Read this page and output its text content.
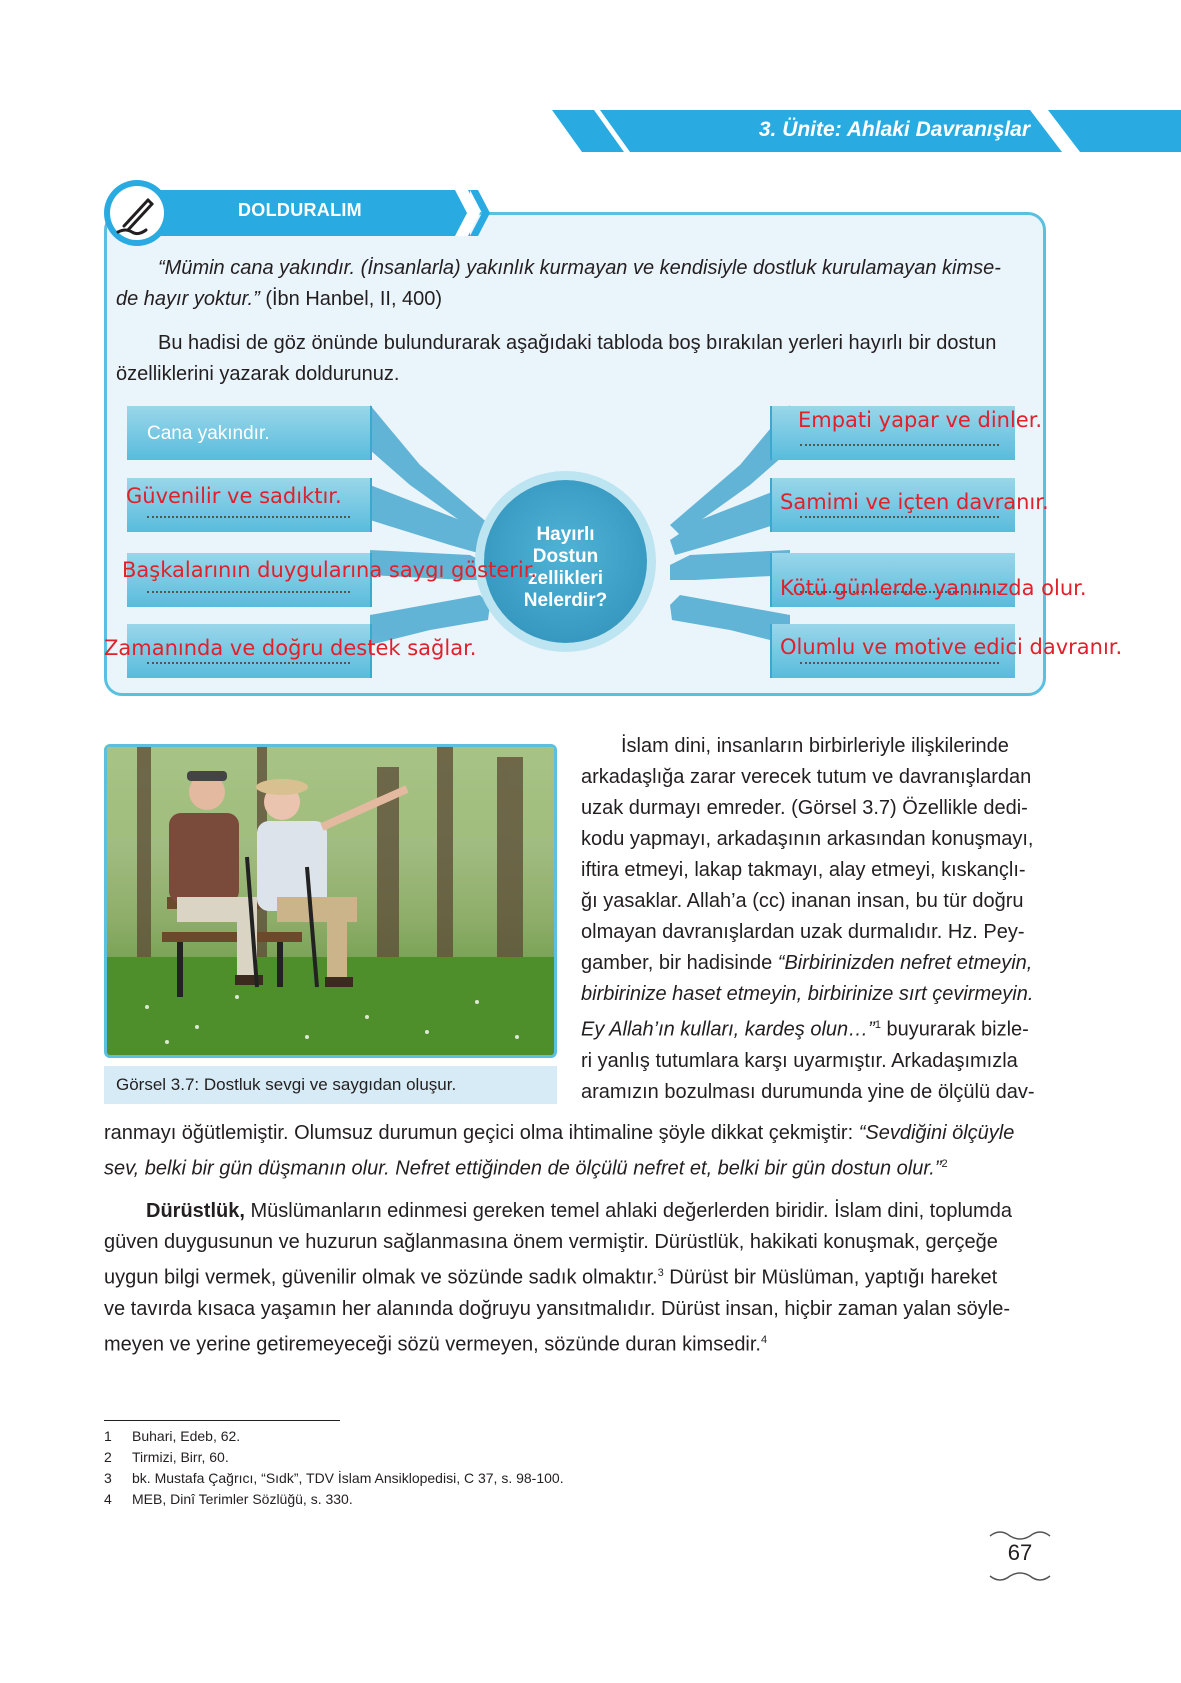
3. Ünite: Ahlaki Davranışlar
DOLDURALIM
“Mümin cana yakındır. (İnsanlarla) yakınlık kurmayan ve kendisiyle dostluk kurulamayan kimse-
de hayır yoktur.” (İbn Hanbel, II, 400)
Bu hadisi de göz önünde bulundurarak aşağıdaki tabloda boş bırakılan yerleri hayırlı bir dostun
özelliklerini yazarak doldurunuz.
Hayırlı
Dostun
zellikleri
Nelerdir?
Cana yakındır.
Güvenilir ve sadıktır.
Başkalarının duygularına saygı gösterir.
Zamanında ve doğru destek sağlar.
Empati yapar ve dinler.
Samimi ve içten davranır.
Kötü günlerde yanınızda olur.
Olumlu ve motive edici davranır.
Görsel 3.7: Dostluk sevgi ve saygıdan oluşur.
İslam dini, insanların birbirleriyle ilişkilerinde
arkadaşlığa zarar verecek tutum ve davranışlardan
uzak durmayı emreder. (Görsel 3.7) Özellikle dedi-
kodu yapmayı, arkadaşının arkasından konuşmayı,
iftira etmeyi, lakap takmayı, alay etmeyi, kıskançlı-
ğı yasaklar. Allah’a (cc) inanan insan, bu tür doğru
olmayan davranışlardan uzak durmalıdır. Hz. Pey-
gamber, bir hadisinde “Birbirinizden nefret etmeyin,
birbirinize haset etmeyin, birbirinize sırt çevirmeyin.
Ey Allah’ın kulları, kardeş olun…”$^1$ buyurarak bizle-
ri yanlış tutumlara karşı uyarmıştır. Arkadaşımızla
aramızın bozulması durumunda yine de ölçülü dav-
ranmayı öğütlemiştir. Olumsuz durumun geçici olma ihtimaline şöyle dikkat çekmiştir: “Sevdiğini ölçüyle
sev, belki bir gün düşmanın olur. Nefret ettiğinden de ölçülü nefret et, belki bir gün dostun olur.”$^2$
Dürüstlük, Müslümanların edinmesi gereken temel ahlaki değerlerden biridir. İslam dini, toplumda
güven duygusunun ve huzurun sağlanmasına önem vermiştir. Dürüstlük, hakikati konuşmak, gerçeğe
uygun bilgi vermek, güvenilir olmak ve sözünde sadık olmaktır.$^3$ Dürüst bir Müslüman, yaptığı hareket
ve tavırda kısaca yaşamın her alanında doğruyu yansıtmalıdır. Dürüst insan, hiçbir zaman yalan söyle-
meyen ve yerine getiremeyeceği sözü vermeyen, sözünde duran kimsedir.$^4$
1 Buhari, Edeb, 62.
2 Tirmizi, Birr, 60.
3 bk. Mustafa Çağrıcı, “Sıdk”, TDV İslam Ansiklopedisi, C 37, s. 98-100.
4 MEB, Dinî Terimler Sözlüğü, s. 330.
67
